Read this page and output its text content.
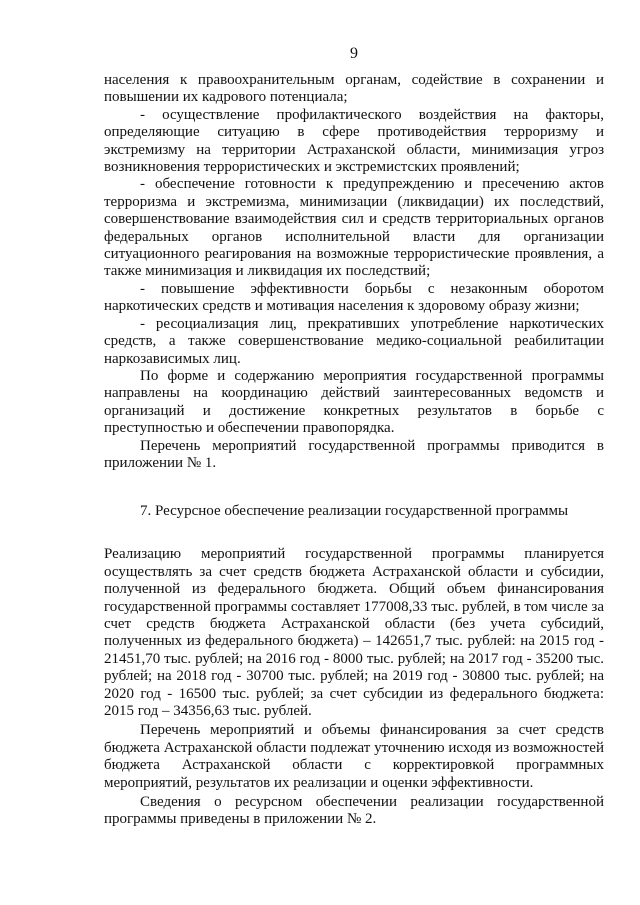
9

населения к правоохранительным органам, содействие в сохранении и повышении их кадрового потенциала;

- осуществление профилактического воздействия на факторы, определяющие ситуацию в сфере противодействия терроризму и экстремизму на территории Астраханской области, минимизация угроз возникновения террористических и экстремистских проявлений;

- обеспечение готовности к предупреждению и пресечению актов терроризма и экстремизма, минимизации (ликвидации) их последствий, совершенствование взаимодействия сил и средств территориальных органов федеральных органов исполнительной власти для организации ситуационного реагирования на возможные террористические проявления, а также минимизация и ликвидация их последствий;

- повышение эффективности борьбы с незаконным оборотом наркотических средств и мотивация населения к здоровому образу жизни;

- ресоциализация лиц, прекративших употребление наркотических средств, а также совершенствование медико-социальной реабилитации наркозависимых лиц.

По форме и содержанию мероприятия государственной программы направлены на координацию действий заинтересованных ведомств и организаций и достижение конкретных результатов в борьбе с преступностью и обеспечении правопорядка.

Перечень мероприятий государственной программы приводится в приложении № 1.

7. Ресурсное обеспечение реализации государственной программы

Реализацию мероприятий государственной программы планируется осуществлять за счет средств бюджета Астраханской области и субсидии, полученной из федерального бюджета. Общий объем финансирования государственной программы составляет 177008,33 тыс. рублей, в том числе за счет средств бюджета Астраханской области (без учета субсидий, полученных из федерального бюджета) – 142651,7 тыс. рублей: на 2015 год - 21451,70 тыс. рублей; на 2016 год - 8000 тыс. рублей; на 2017 год - 35200 тыс. рублей; на 2018 год - 30700 тыс. рублей; на 2019 год - 30800 тыс. рублей; на 2020 год - 16500 тыс. рублей; за счет субсидии из федерального бюджета: 2015 год – 34356,63 тыс. рублей.

Перечень мероприятий и объемы финансирования за счет средств бюджета Астраханской области подлежат уточнению исходя из возможностей бюджета Астраханской области с корректировкой программных мероприятий, результатов их реализации и оценки эффективности.

Сведения о ресурсном обеспечении реализации государственной программы приведены в приложении № 2.
